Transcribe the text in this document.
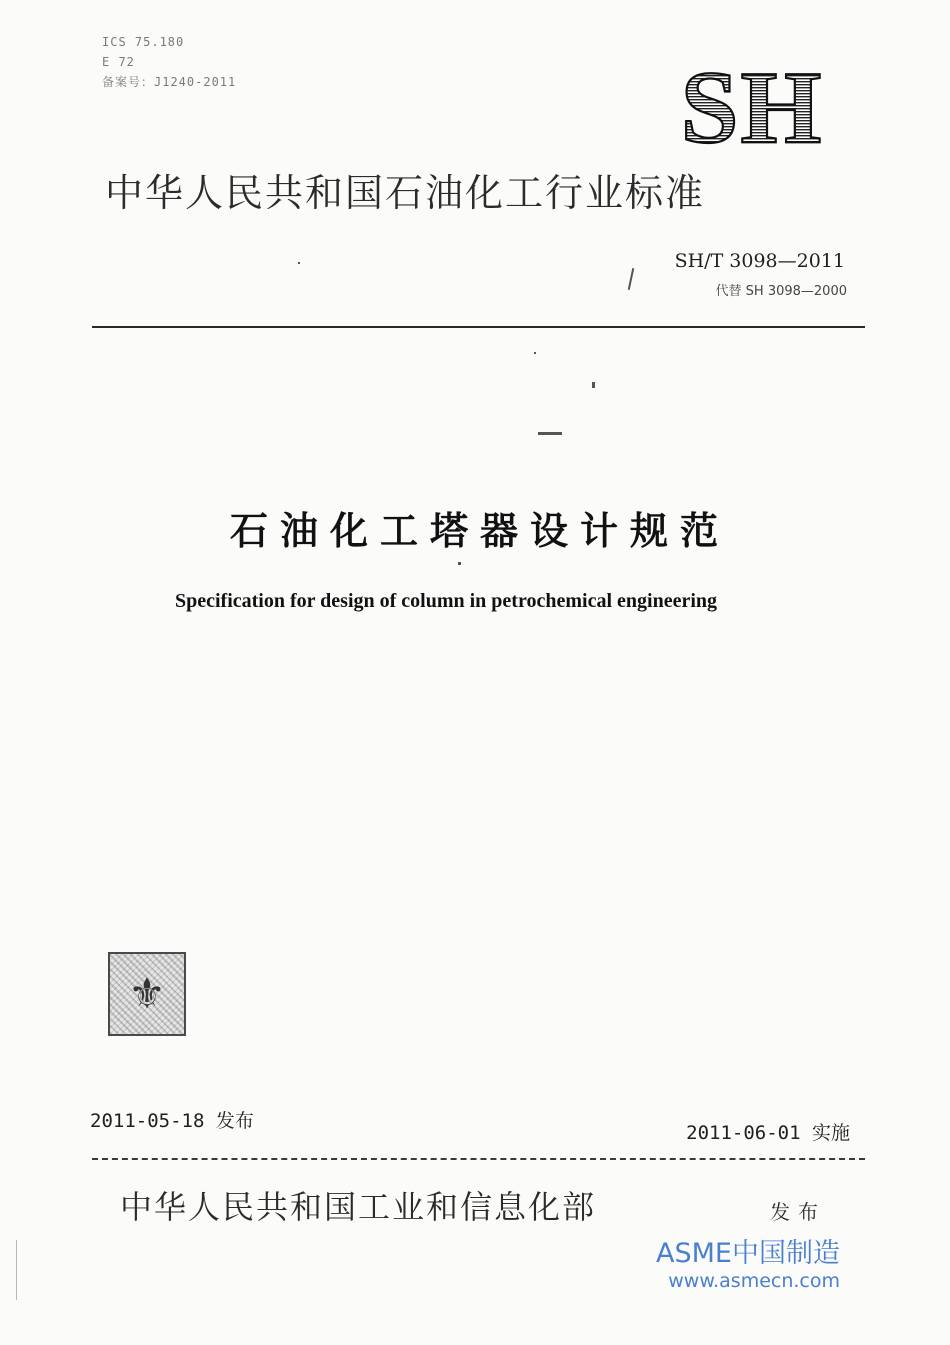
ICS 75.180
E 72
备案号：J1240-2011	SH
中华人民共和国石油化工行业标准
SH/T 3098—2011
代替 SH 3098—2000
石油化工塔器设计规范
Specification for design of column in petrochemical engineering
⚜
2011-05-18 发布
2011-06-01 实施
中华人民共和国工业和信息化部	发布
ASME中国制造
www.asmecn.com
